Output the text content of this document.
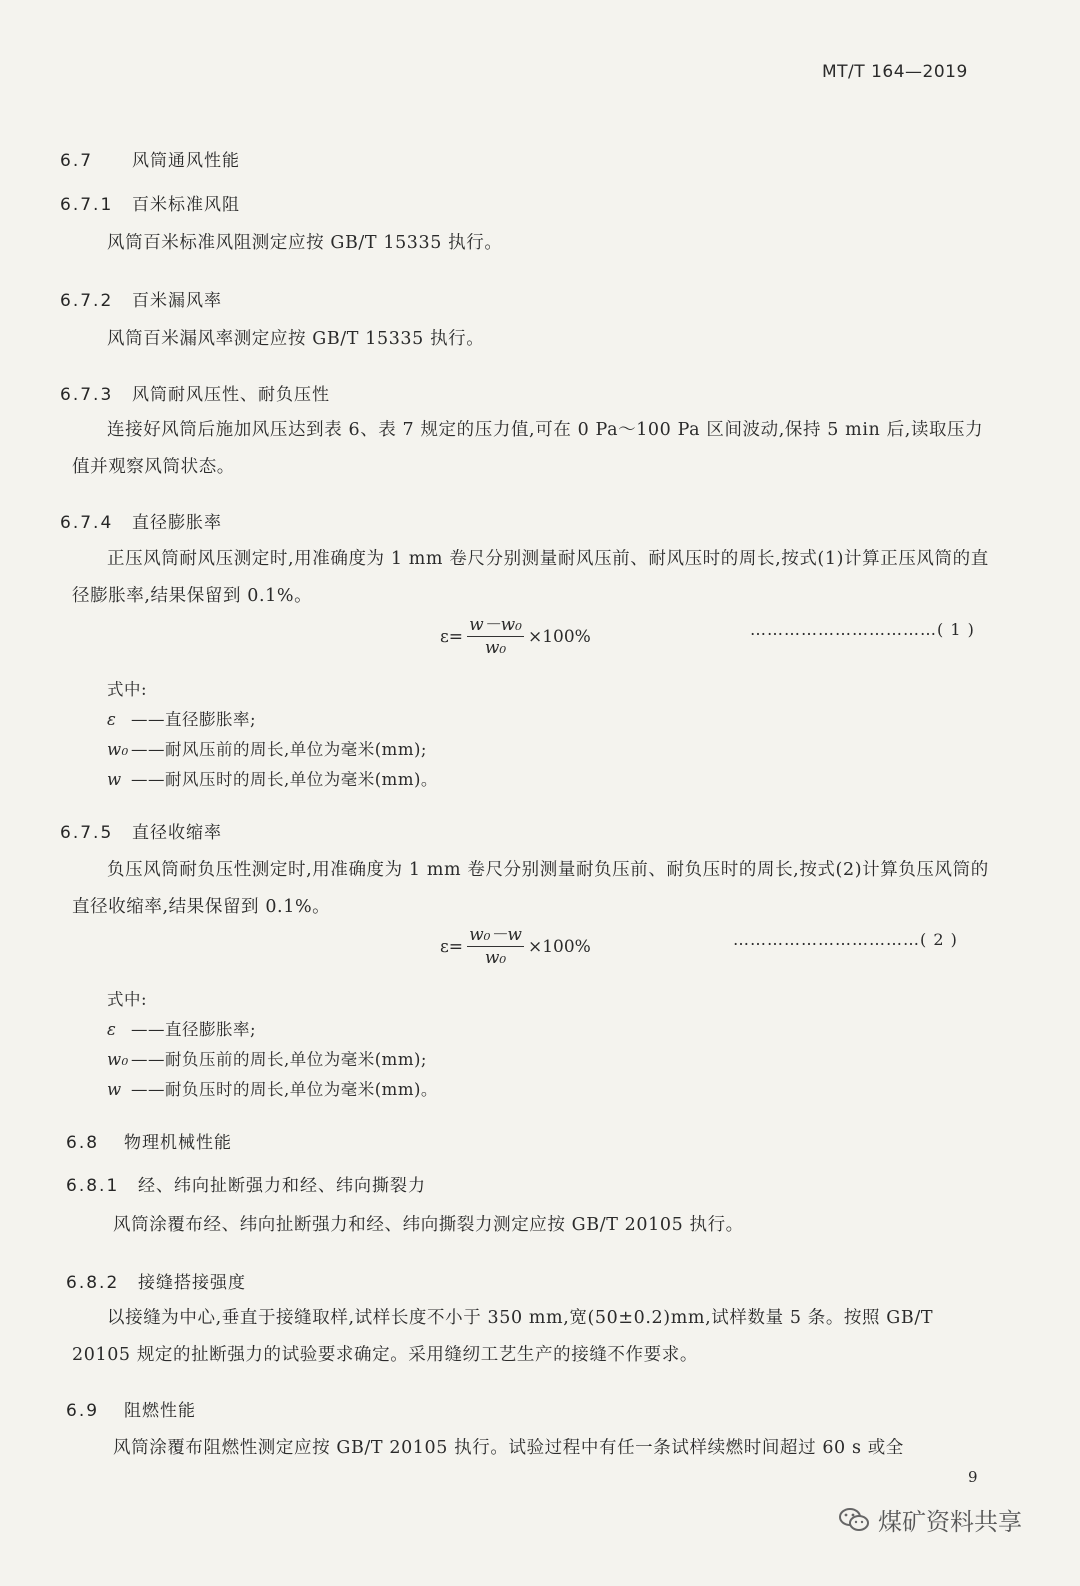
MT/T 164—2019
6.7 风筒通风性能
6.7.1 百米标准风阻
风筒百米标准风阻测定应按 GB/T 15335 执行。
6.7.2 百米漏风率
风筒百米漏风率测定应按 GB/T 15335 执行。
6.7.3 风筒耐风压性、耐负压性
连接好风筒后施加风压达到表 6、表 7 规定的压力值,可在 0 Pa～100 Pa 区间波动,保持 5 min 后,读取压力值并观察风筒状态。
6.7.4 直径膨胀率
正压风筒耐风压测定时,用准确度为 1 mm 卷尺分别测量耐风压前、耐风压时的周长,按式(1)计算正压风筒的直径膨胀率,结果保留到 0.1%。
$\varepsilon= \frac{\text{w－w₀}}{\text{w₀}} \times 100\%$	……………………………( 1 )
式中:
ε ——直径膨胀率;
w₀ ——耐风压前的周长,单位为毫米(mm);
w ——耐风压时的周长,单位为毫米(mm)。
6.7.5 直径收缩率
负压风筒耐负压性测定时,用准确度为 1 mm 卷尺分别测量耐负压前、耐负压时的周长,按式(2)计算负压风筒的直径收缩率,结果保留到 0.1%。
$\varepsilon= \frac{\text{w₀－w}}{\text{w₀}} \times 100\%$	……………………………( 2 )
式中:
ε ——直径膨胀率;
w₀ ——耐负压前的周长,单位为毫米(mm);
w ——耐负压时的周长,单位为毫米(mm)。
6.8 物理机械性能
6.8.1 经、纬向扯断强力和经、纬向撕裂力
风筒涂覆布经、纬向扯断强力和经、纬向撕裂力测定应按 GB/T 20105 执行。
6.8.2 接缝搭接强度
以接缝为中心,垂直于接缝取样,试样长度不小于 350 mm,宽(50±0.2)mm,试样数量 5 条。按照 GB/T 20105 规定的扯断强力的试验要求确定。采用缝纫工艺生产的接缝不作要求。
6.9 阻燃性能
风筒涂覆布阻燃性测定应按 GB/T 20105 执行。试验过程中有任一条试样续燃时间超过 60 s 或全
9
煤矿资料共享
